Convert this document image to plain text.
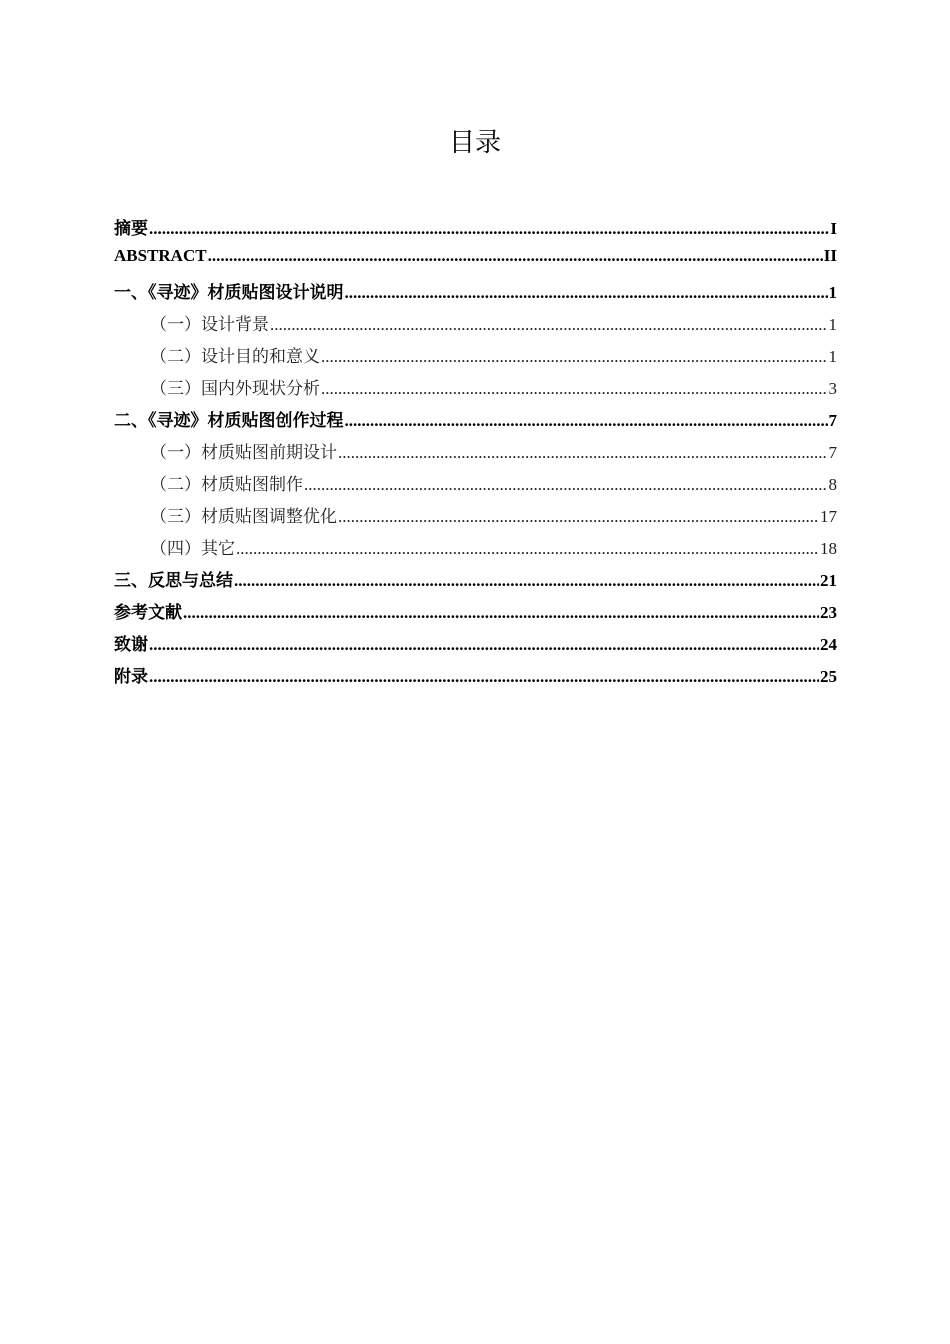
目录
摘要 .....	I
ABSTRACT .....	II
一、《寻迹》材质贴图设计说明 .....	1
（一）设计背景 .....	1
（二）设计目的和意义 .....	1
（三）国内外现状分析 .....	3
二、《寻迹》材质贴图创作过程 .....	7
（一）材质贴图前期设计 .....	7
（二）材质贴图制作 .....	8
（三）材质贴图调整优化 .....	17
（四）其它 .....	18
三、反思与总结 .....	21
参考文献 .....	23
致谢 .....	24
附录 .....	25
